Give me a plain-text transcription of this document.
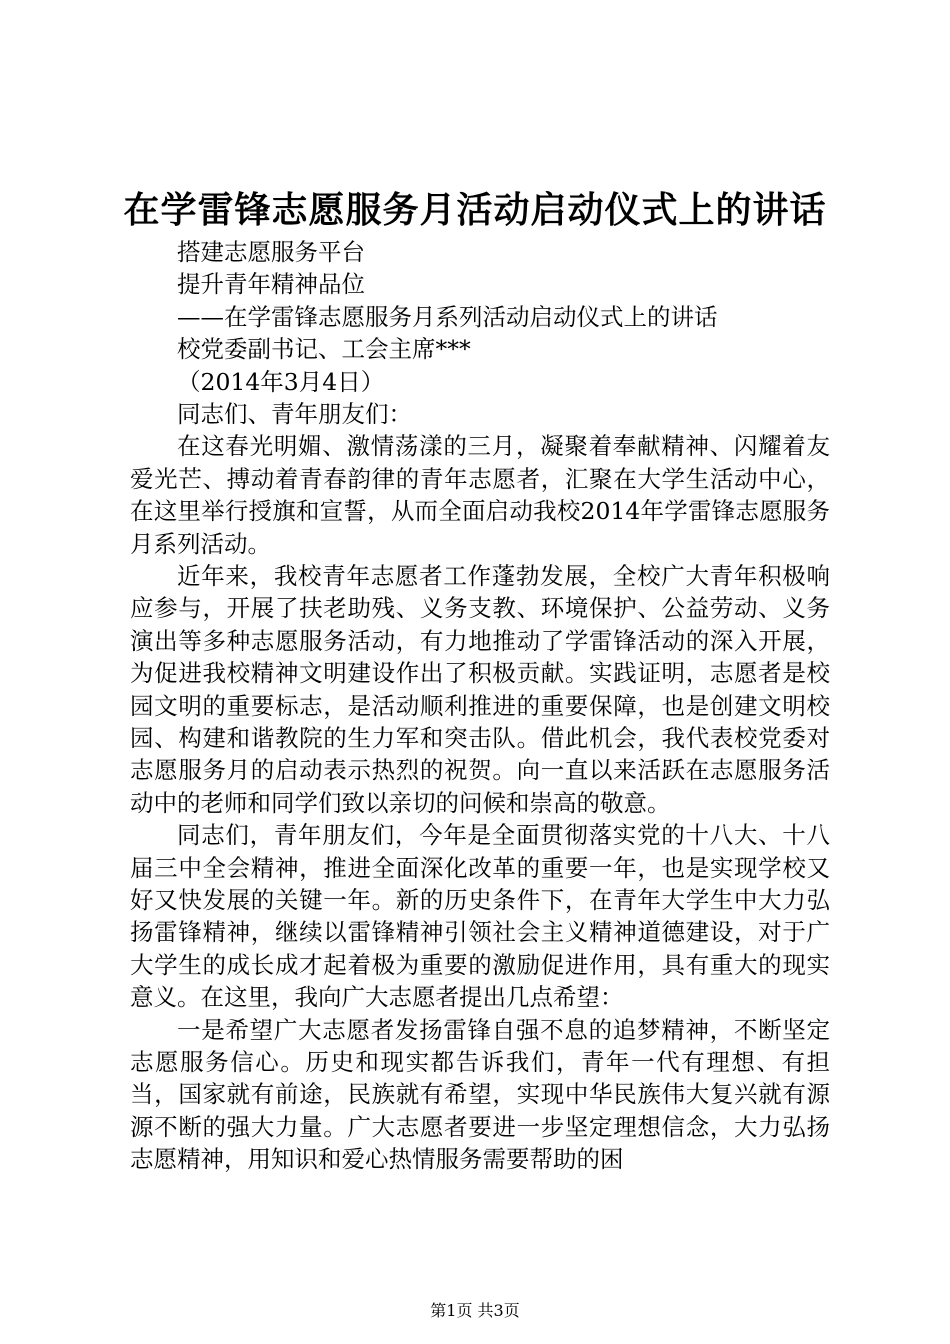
在学雷锋志愿服务月活动启动仪式上的讲话

搭建志愿服务平台

提升青年精神品位

——在学雷锋志愿服务月系列活动启动仪式上的讲话

校党委副书记、工会主席***

（2014年3月4日）

同志们、青年朋友们：

在这春光明媚、激情荡漾的三月，凝聚着奉献精神、闪耀着友爱光芒、搏动着青春韵律的青年志愿者，汇聚在大学生活动中心，在这里举行授旗和宣誓，从而全面启动我校2014年学雷锋志愿服务月系列活动。

近年来，我校青年志愿者工作蓬勃发展，全校广大青年积极响应参与，开展了扶老助残、义务支教、环境保护、公益劳动、义务演出等多种志愿服务活动，有力地推动了学雷锋活动的深入开展，为促进我校精神文明建设作出了积极贡献。实践证明，志愿者是校园文明的重要标志，是活动顺利推进的重要保障，也是创建文明校园、构建和谐教院的生力军和突击队。借此机会，我代表校党委对志愿服务月的启动表示热烈的祝贺。向一直以来活跃在志愿服务活动中的老师和同学们致以亲切的问候和崇高的敬意。

同志们，青年朋友们，今年是全面贯彻落实党的十八大、十八届三中全会精神，推进全面深化改革的重要一年，也是实现学校又好又快发展的关键一年。新的历史条件下，在青年大学生中大力弘扬雷锋精神，继续以雷锋精神引领社会主义精神道德建设，对于广大学生的成长成才起着极为重要的激励促进作用，具有重大的现实意义。在这里，我向广大志愿者提出几点希望：

一是希望广大志愿者发扬雷锋自强不息的追梦精神，不断坚定志愿服务信心。历史和现实都告诉我们，青年一代有理想、有担当，国家就有前途，民族就有希望，实现中华民族伟大复兴就有源源不断的强大力量。广大志愿者要进一步坚定理想信念，大力弘扬志愿精神，用知识和爱心热情服务需要帮助的困

第1页 共3页
